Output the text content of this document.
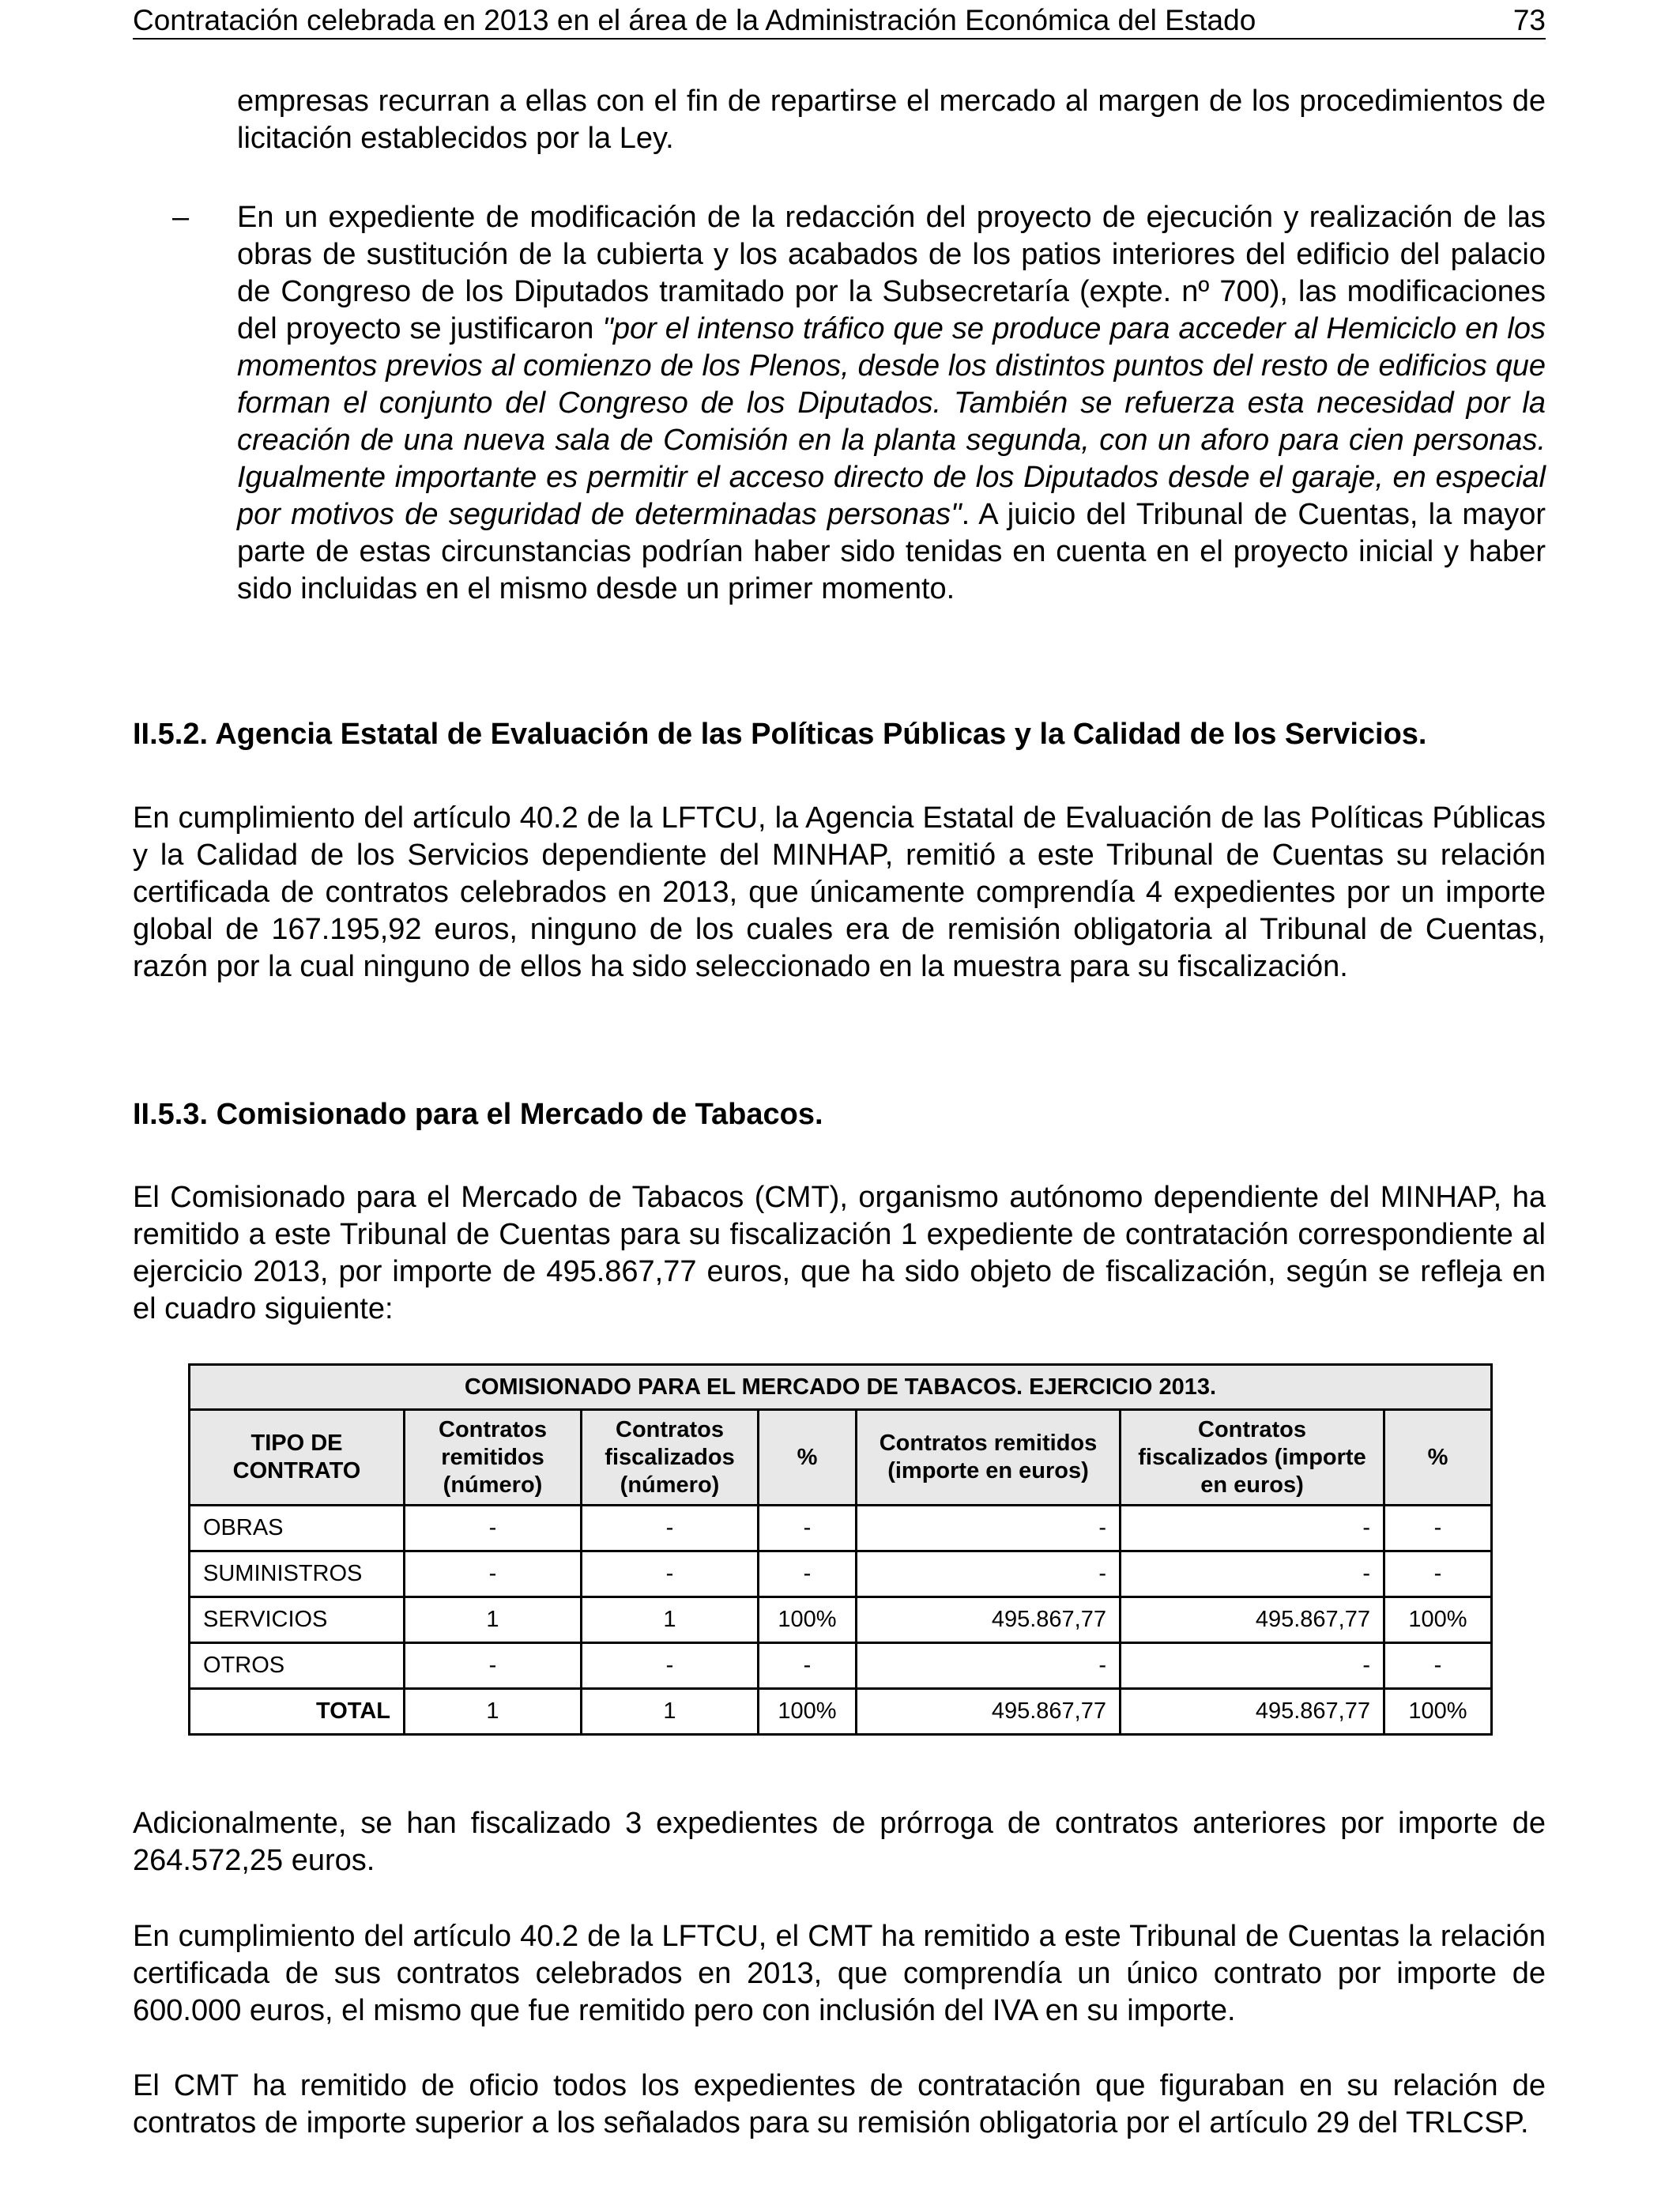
Contratación celebrada en 2013 en el área de la Administración Económica del Estado	73

empresas recurran a ellas con el fin de repartirse el mercado al margen de los procedimientos de licitación establecidos por la Ley.

– En un expediente de modificación de la redacción del proyecto de ejecución y realización de las obras de sustitución de la cubierta y los acabados de los patios interiores del edificio del palacio de Congreso de los Diputados tramitado por la Subsecretaría (expte. nº 700), las modificaciones del proyecto se justificaron "por el intenso tráfico que se produce para acceder al Hemiciclo en los momentos previos al comienzo de los Plenos, desde los distintos puntos del resto de edificios que forman el conjunto del Congreso de los Diputados. También se refuerza esta necesidad por la creación de una nueva sala de Comisión en la planta segunda, con un aforo para cien personas. Igualmente importante es permitir el acceso directo de los Diputados desde el garaje, en especial por motivos de seguridad de determinadas personas". A juicio del Tribunal de Cuentas, la mayor parte de estas circunstancias podrían haber sido tenidas en cuenta en el proyecto inicial y haber sido incluidas en el mismo desde un primer momento.

II.5.2. Agencia Estatal de Evaluación de las Políticas Públicas y la Calidad de los Servicios.

En cumplimiento del artículo 40.2 de la LFTCU, la Agencia Estatal de Evaluación de las Políticas Públicas y la Calidad de los Servicios dependiente del MINHAP, remitió a este Tribunal de Cuentas su relación certificada de contratos celebrados en 2013, que únicamente comprendía 4 expedientes por un importe global de 167.195,92 euros, ninguno de los cuales era de remisión obligatoria al Tribunal de Cuentas, razón por la cual ninguno de ellos ha sido seleccionado en la muestra para su fiscalización.

II.5.3. Comisionado para el Mercado de Tabacos.

El Comisionado para el Mercado de Tabacos (CMT), organismo autónomo dependiente del MINHAP, ha remitido a este Tribunal de Cuentas para su fiscalización 1 expediente de contratación correspondiente al ejercicio 2013, por importe de 495.867,77 euros, que ha sido objeto de fiscalización, según se refleja en el cuadro siguiente:

COMISIONADO PARA EL MERCADO DE TABACOS. EJERCICIO 2013.						
TIPO DE CONTRATO	Contratos remitidos (número)	Contratos fiscalizados (número)	%	Contratos remitidos (importe en euros)	Contratos fiscalizados (importe en euros)	%
OBRAS	-	-	-	-	-	-
SUMINISTROS	-	-	-	-	-	-
SERVICIOS	1	1	100%	495.867,77	495.867,77	100%
OTROS	-	-	-	-	-	-
TOTAL	1	1	100%	495.867,77	495.867,77	100%

Adicionalmente, se han fiscalizado 3 expedientes de prórroga de contratos anteriores por importe de 264.572,25 euros.

En cumplimiento del artículo 40.2 de la LFTCU, el CMT ha remitido a este Tribunal de Cuentas la relación certificada de sus contratos celebrados en 2013, que comprendía un único contrato por importe de 600.000 euros, el mismo que fue remitido pero con inclusión del IVA en su importe.

El CMT ha remitido de oficio todos los expedientes de contratación que figuraban en su relación de contratos de importe superior a los señalados para su remisión obligatoria por el artículo 29 del TRLCSP.
